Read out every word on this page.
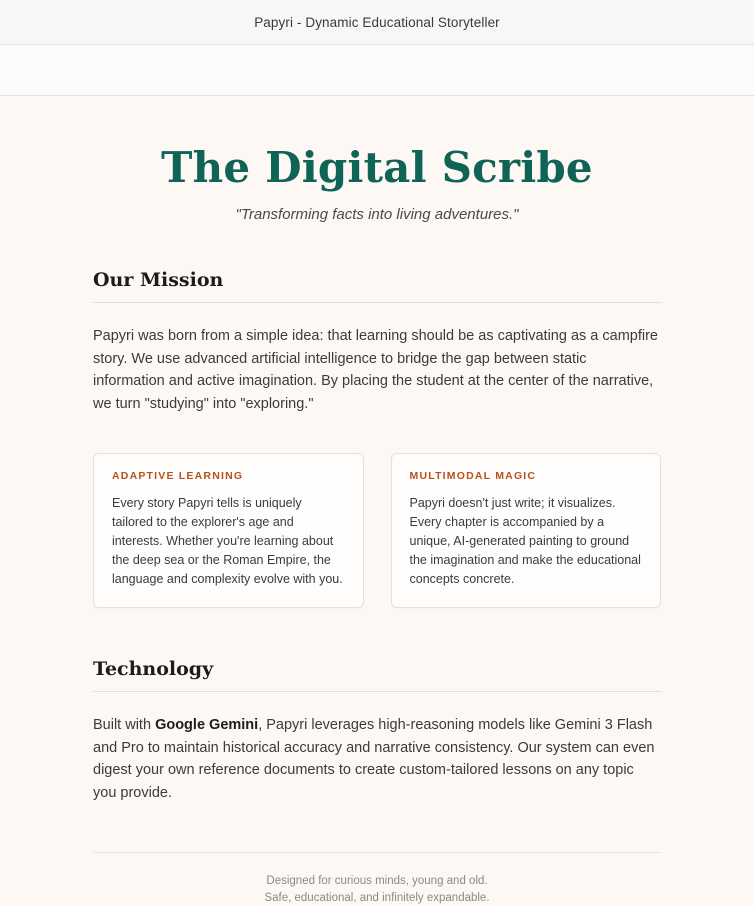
Papyri - Dynamic Educational Storyteller
The Digital Scribe
"Transforming facts into living adventures."
Our Mission

Papyri was born from a simple idea: that learning should be as captivating as a campfire story. We use advanced artificial intelligence to bridge the gap between static information and active imagination. By placing the student at the center of the narrative, we turn "studying" into "exploring."

ADAPTIVE LEARNING

Every story Papyri tells is uniquely tailored to the explorer's age and interests. Whether you're learning about the deep sea or the Roman Empire, the language and complexity evolve with you.

MULTIMODAL MAGIC

Papyri doesn't just write; it visualizes. Every chapter is accompanied by a unique, AI-generated painting to ground the imagination and make the educational concepts concrete.

Technology

Built with Google Gemini, Papyri leverages high-reasoning models like Gemini 3 Flash and Pro to maintain historical accuracy and narrative consistency. Our system can even digest your own reference documents to create custom-tailored lessons on any topic you provide.

Designed for curious minds, young and old.
Safe, educational, and infinitely expandable.
